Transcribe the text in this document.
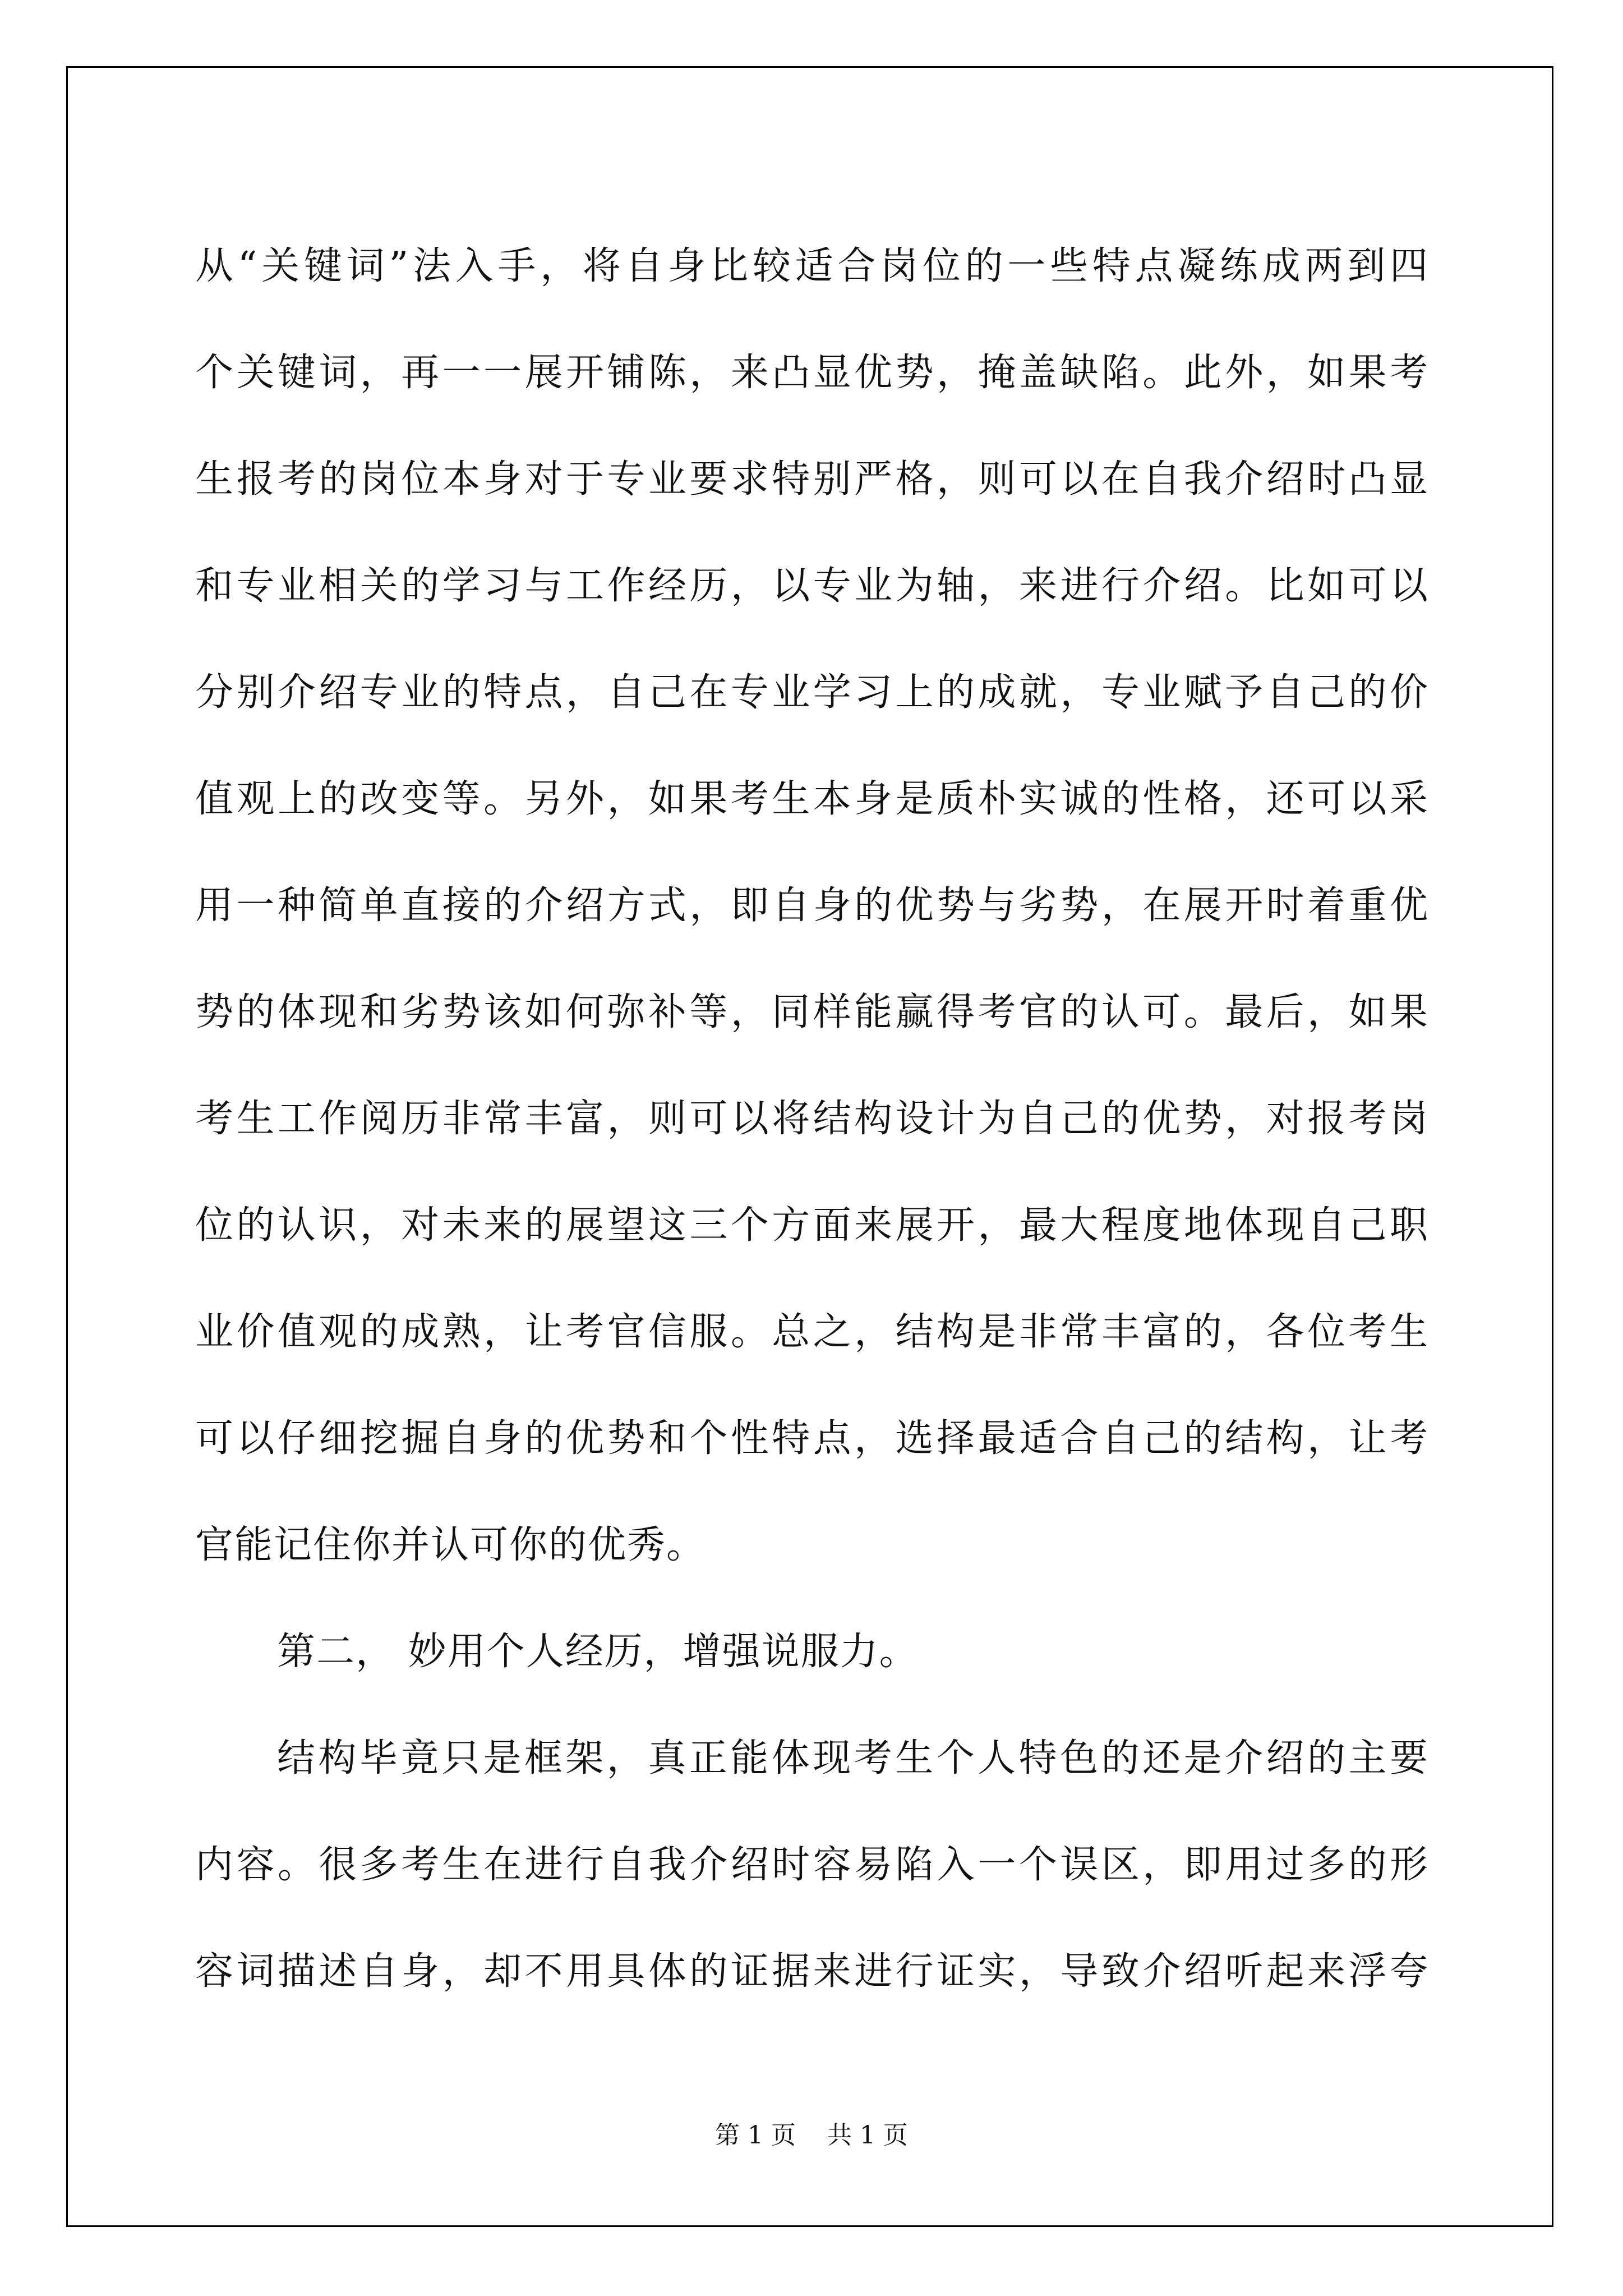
从“关键词”法入手，将自身比较适合岗位的一些特点凝练成两到四
个关键词，再一一展开铺陈，来凸显优势，掩盖缺陷。此外，如果考
生报考的岗位本身对于专业要求特别严格，则可以在自我介绍时凸显
和专业相关的学习与工作经历，以专业为轴，来进行介绍。比如可以
分别介绍专业的特点，自己在专业学习上的成就，专业赋予自己的价
值观上的改变等。另外，如果考生本身是质朴实诚的性格，还可以采
用一种简单直接的介绍方式，即自身的优势与劣势，在展开时着重优
势的体现和劣势该如何弥补等，同样能赢得考官的认可。最后，如果
考生工作阅历非常丰富，则可以将结构设计为自己的优势，对报考岗
位的认识，对未来的展望这三个方面来展开，最大程度地体现自己职
业价值观的成熟，让考官信服。总之，结构是非常丰富的，各位考生
可以仔细挖掘自身的优势和个性特点，选择最适合自己的结构，让考
官能记住你并认可你的优秀。
第二， 妙用个人经历，增强说服力。
结构毕竟只是框架，真正能体现考生个人特色的还是介绍的主要
内容。很多考生在进行自我介绍时容易陷入一个误区，即用过多的形
容词描述自身，却不用具体的证据来进行证实，导致介绍听起来浮夸
第 1 页    共 1 页
